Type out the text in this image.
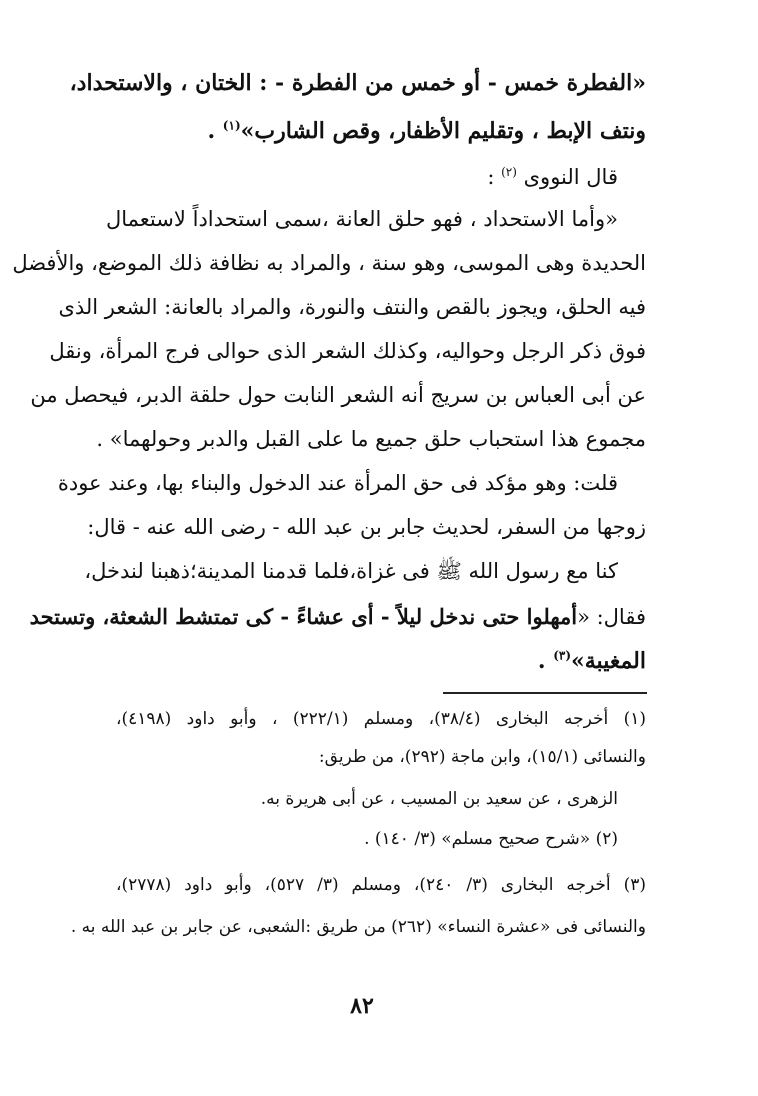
«الفطرة خمس - أو خمس من الفطرة - : الختان ، والاستحداد،
ونتف الإبط ، وتقليم الأظفار، وقص الشارب»$^{(١)}$ .
قال النووى $^{(٢)}$ :
«وأما الاستحداد ، فهو حلق العانة ،سمى استحداداً لاستعمال
الحديدة وهى الموسى، وهو سنة ، والمراد به نظافة ذلك الموضع، والأفضل
فيه الحلق، ويجوز بالقص والنتف والنورة، والمراد بالعانة: الشعر الذى
فوق ذكر الرجل وحواليه، وكذلك الشعر الذى حوالى فرج المرأة، ونقل
عن أبى العباس بن سريج أنه الشعر النابت حول حلقة الدبر، فيحصل من
مجموع هذا استحباب حلق جميع ما على القبل والدبر وحولهما» .
قلت: وهو مؤكد فى حق المرأة عند الدخول والبناء بها، وعند عودة
زوجها من السفر، لحديث جابر بن عبد الله - رضى الله عنه - قال:
كنا مع رسول الله ﷺ فى غزاة،فلما قدمنا المدينة؛ذهبنا لندخل،
فقال: «أمهلوا حتى ندخل ليلاً - أى عشاءً - كى تمتشط الشعثة، وتستحد
المغيبة»$^{(٣)}$ .
(١) أخرجه البخارى (٣٨/٤)، ومسلم (٢٢٢/١) ، وأبو داود (٤١٩٨)،
والنسائى (١٥/١)، وابن ماجة (٢٩٢)، من طريق:
الزهرى ، عن سعيد بن المسيب ، عن أبى هريرة به.
(٢) «شرح صحيح مسلم» (٣/ ١٤٠) .
(٣) أخرجه البخارى (٣/ ٢٤٠)، ومسلم (٣/ ٥٢٧)، وأبو داود (٢٧٧٨)،
والنسائى فى «عشرة النساء» (٢٦٢) من طريق :الشعبى، عن جابر بن عبد الله به .
٨٢
